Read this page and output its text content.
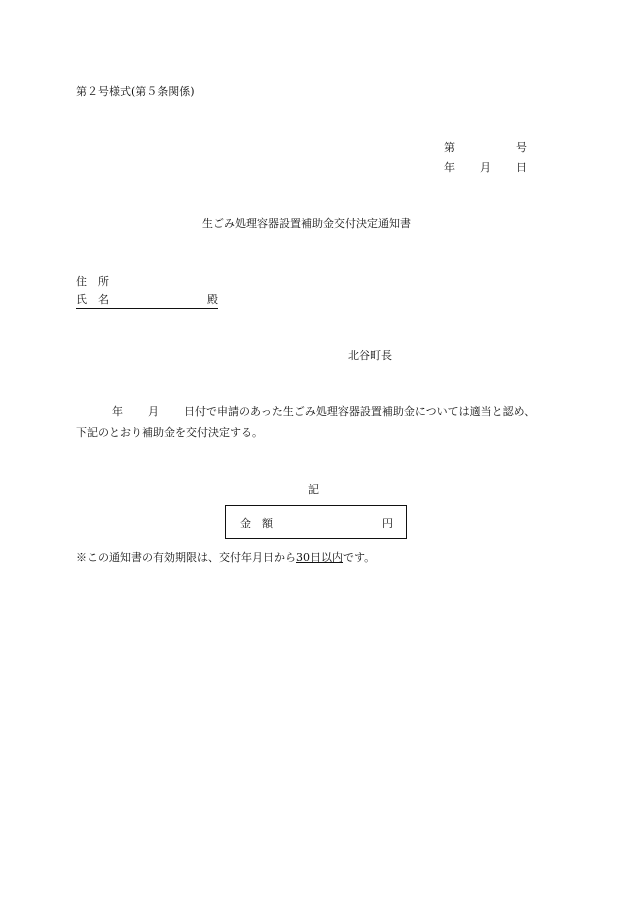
第２号様式(第５条関係)
第	号
年 月 日
生ごみ処理容器設置補助金交付決定通知書
住　所
氏　名	殿
北谷町長
年 月 日付で申請のあった生ごみ処理容器設置補助金については適当と認め、
下記のとおり補助金を交付決定する。
記
金　額	円
※この通知書の有効期限は、交付年月日から30日以内です。
